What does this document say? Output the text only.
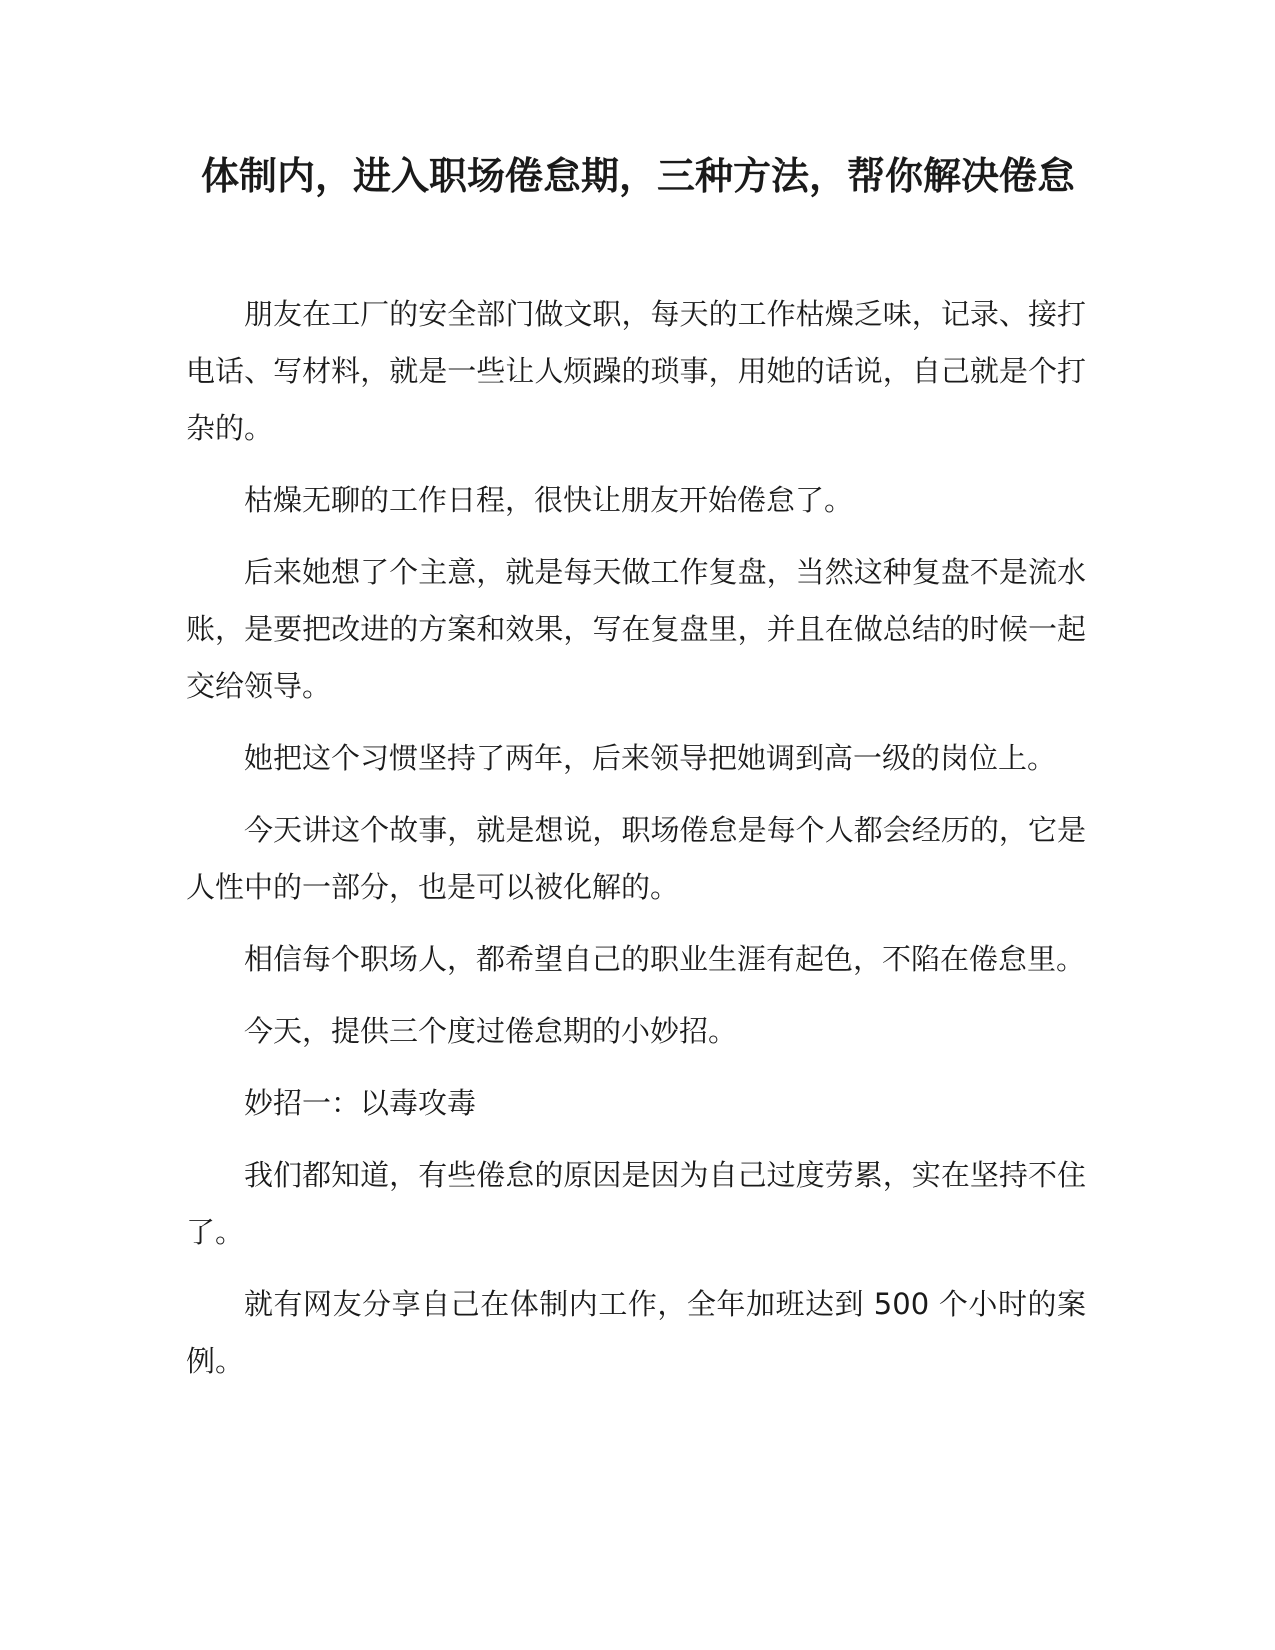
体制内，进入职场倦怠期，三种方法，帮你解决倦怠

朋友在工厂的安全部门做文职，每天的工作枯燥乏味，记录、接打电话、写材料，就是一些让人烦躁的琐事，用她的话说，自己就是个打杂的。

枯燥无聊的工作日程，很快让朋友开始倦怠了。

后来她想了个主意，就是每天做工作复盘，当然这种复盘不是流水账，是要把改进的方案和效果，写在复盘里，并且在做总结的时候一起交给领导。

她把这个习惯坚持了两年，后来领导把她调到高一级的岗位上。

今天讲这个故事，就是想说，职场倦怠是每个人都会经历的，它是人性中的一部分，也是可以被化解的。

相信每个职场人，都希望自己的职业生涯有起色，不陷在倦怠里。

今天，提供三个度过倦怠期的小妙招。

妙招一：以毒攻毒

我们都知道，有些倦怠的原因是因为自己过度劳累，实在坚持不住了。

就有网友分享自己在体制内工作，全年加班达到 500 个小时的案例。
